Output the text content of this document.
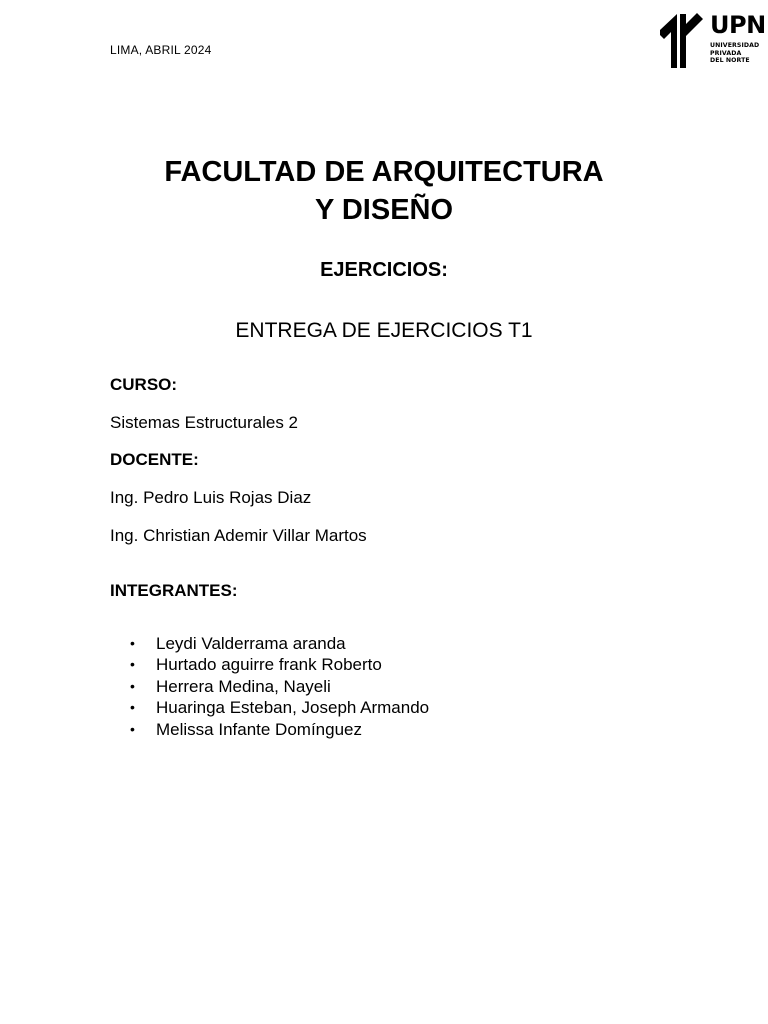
LIMA, ABRIL 2024
UPN
UNIVERSIDAD
PRIVADA
DEL NORTE
FACULTAD DE ARQUITECTURA
Y DISEÑO
EJERCICIOS:
ENTREGA DE EJERCICIOS T1
CURSO:
Sistemas Estructurales 2
DOCENTE:
Ing. Pedro Luis Rojas Diaz
Ing. Christian Ademir Villar Martos
INTEGRANTES:
• Leydi Valderrama aranda
• Hurtado aguirre frank Roberto
• Herrera Medina, Nayeli
• Huaringa Esteban, Joseph Armando
• Melissa Infante Domínguez
